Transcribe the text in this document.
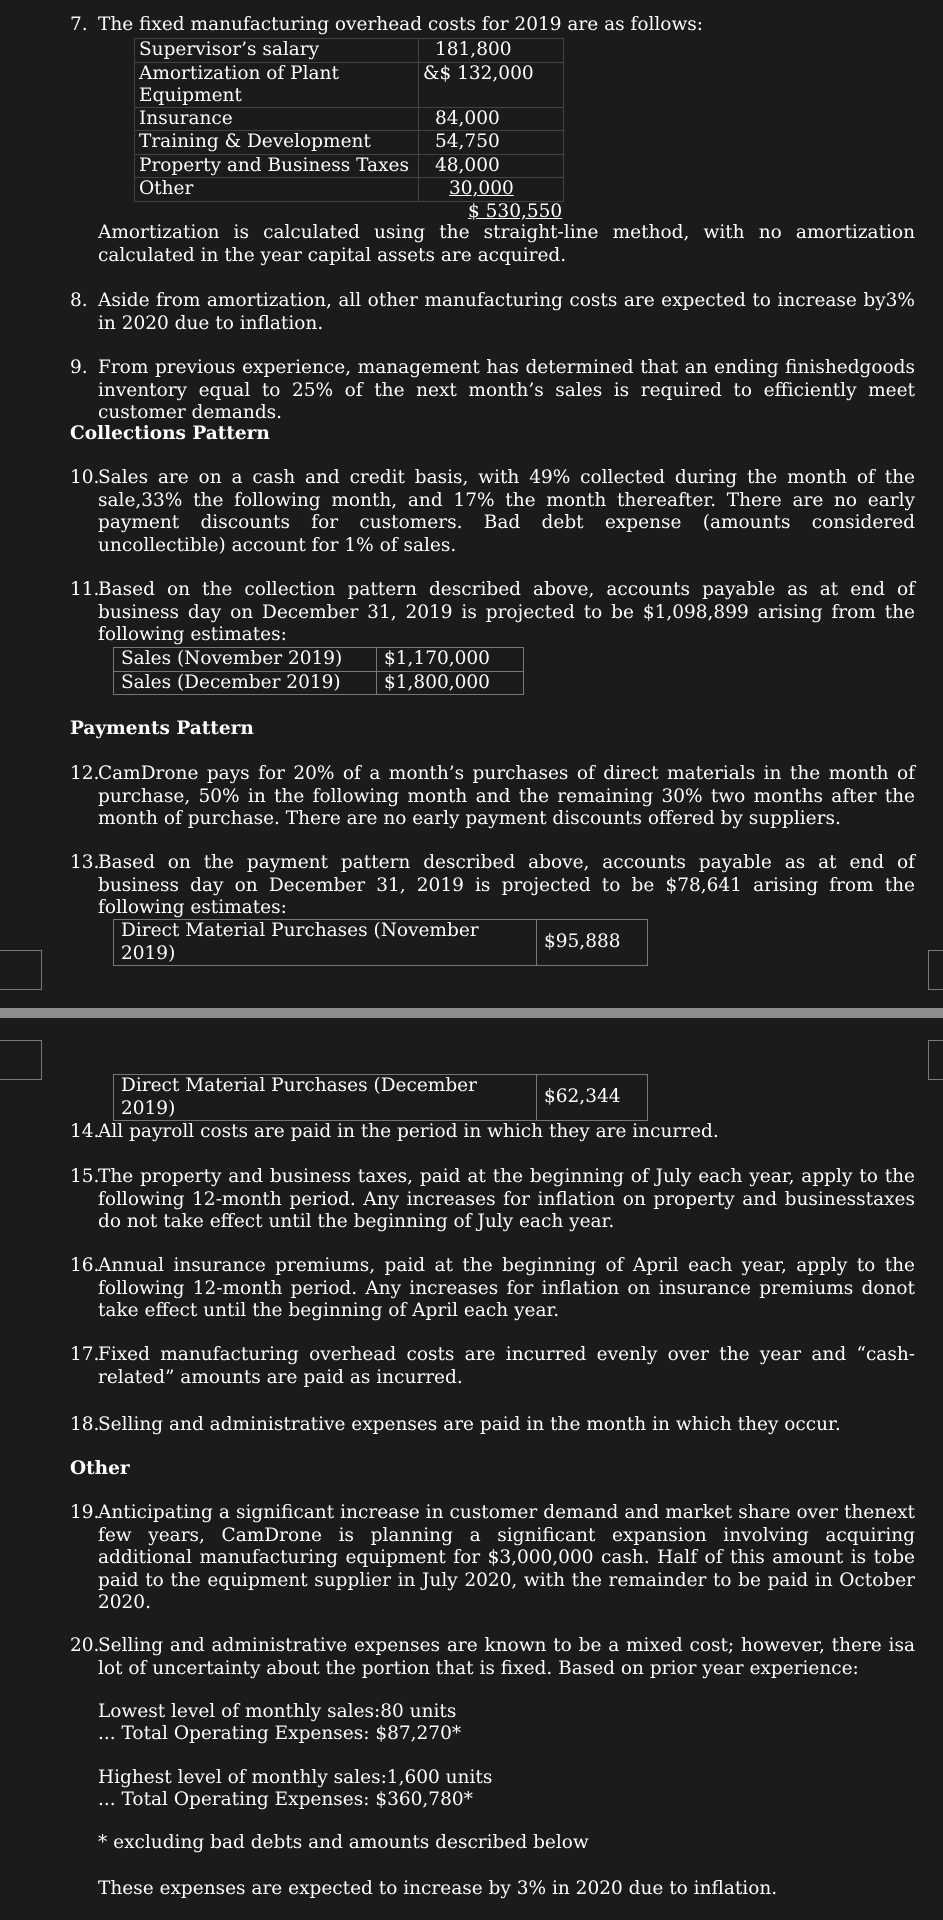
7. The fixed manufacturing overhead costs for 2019 are as follows:
Supervisor’s salary	181,800
Amortization of Plant Equipment	&$ 132,000
Insurance	84,000
Training & Development	54,750
Property and Business Taxes	48,000
Other	30,000
$ 530,550
Amortization is calculated using the straight-line method, with no amortization calculated in the year capital assets are acquired.
8. Aside from amortization, all other manufacturing costs are expected to increase by3% in 2020 due to inflation.
9. From previous experience, management has determined that an ending finishedgoods inventory equal to 25% of the next month’s sales is required to efficiently meet customer demands.
Collections Pattern
10.
Sales are on a cash and credit basis, with 49% collected during the month of the sale,33% the following month, and 17% the month thereafter. There are no early payment discounts for customers. Bad debt expense (amounts considered uncollectible) account for 1% of sales.
11.
Based on the collection pattern described above, accounts payable as at end of business day on December 31, 2019 is projected to be $1,098,899 arising from the following estimates:
Sales (November 2019)	$1,170,000
Sales (December 2019)	$1,800,000
Payments Pattern
12.
CamDrone pays for 20% of a month’s purchases of direct materials in the month of purchase, 50% in the following month and the remaining 30% two months after the month of purchase. There are no early payment discounts offered by suppliers.
13.
Based on the payment pattern described above, accounts payable as at end of business day on December 31, 2019 is projected to be $78,641 arising from the following estimates:
Direct Material Purchases (November 2019)	$95,888
Direct Material Purchases (December 2019)	$62,344
14.
All payroll costs are paid in the period in which they are incurred.
15.
The property and business taxes, paid at the beginning of July each year, apply to the following 12-month period. Any increases for inflation on property and businesstaxes do not take effect until the beginning of July each year.
16.
Annual insurance premiums, paid at the beginning of April each year, apply to the following 12-month period. Any increases for inflation on insurance premiums donot take effect until the beginning of April each year.
17.
Fixed manufacturing overhead costs are incurred evenly over the year and “cash-related” amounts are paid as incurred.
18.
Selling and administrative expenses are paid in the month in which they occur.
Other
19.
Anticipating a significant increase in customer demand and market share over thenext few years, CamDrone is planning a significant expansion involving acquiring additional manufacturing equipment for $3,000,000 cash. Half of this amount is tobe paid to the equipment supplier in July 2020, with the remainder to be paid in October 2020.
20.
Selling and administrative expenses are known to be a mixed cost; however, there isa lot of uncertainty about the portion that is fixed. Based on prior year experience:
Lowest level of monthly sales:80 units
... Total Operating Expenses: $87,270*
Highest level of monthly sales:1,600 units
... Total Operating Expenses: $360,780*
* excluding bad debts and amounts described below
These expenses are expected to increase by 3% in 2020 due to inflation.
